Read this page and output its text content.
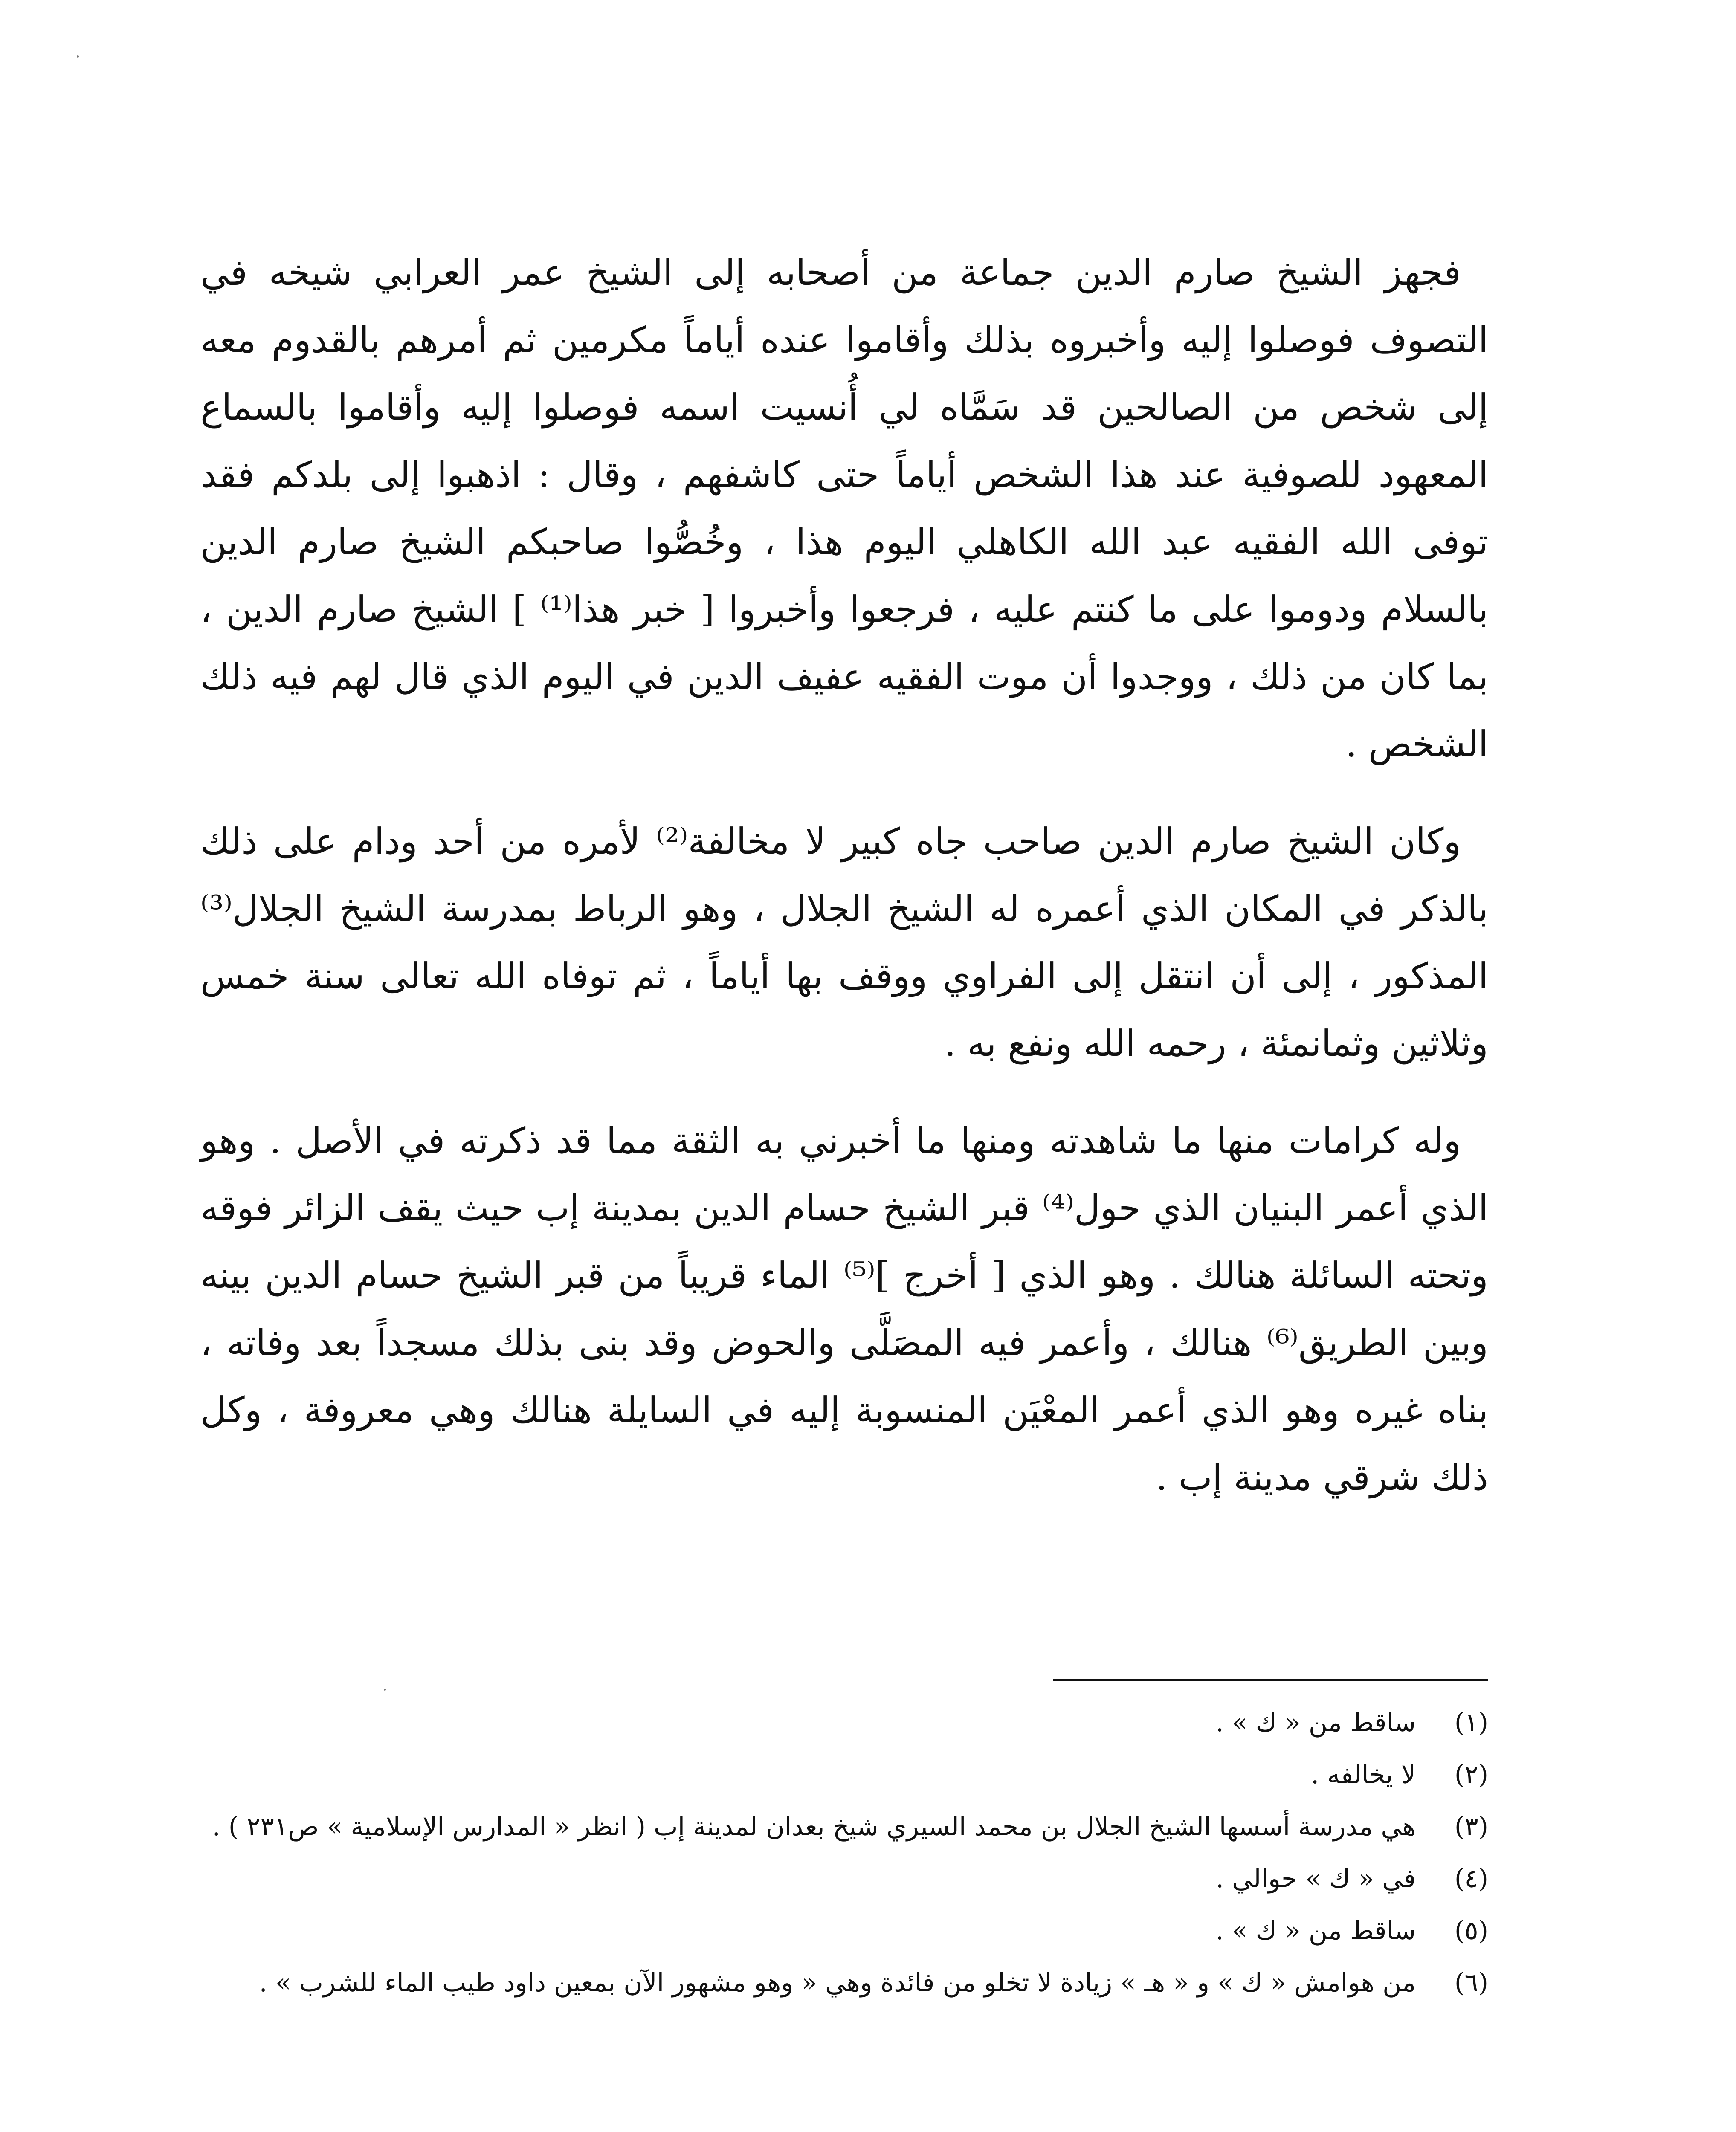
فجهز الشيخ صارم الدين جماعة من أصحابه إلى الشيخ عمر العرابي شيخه في التصوف فوصلوا إليه وأخبروه بذلك وأقاموا عنده أياماً مكرمين ثم أمرهم بالقدوم معه إلى شخص من الصالحين قد سَمَّاه لي أُنسيت اسمه فوصلوا إليه وأقاموا بالسماع المعهود للصوفية عند هذا الشخص أياماً حتى كاشفهم ، وقال : اذهبوا إلى بلدكم فقد توفى الله الفقيه عبد الله الكاهلي اليوم هذا ، وخُصُّوا صاحبكم الشيخ صارم الدين بالسلام ودوموا على ما كنتم عليه ، فرجعوا وأخبروا [ خبر هذا⁽¹⁾ ] الشيخ صارم الدين ، بما كان من ذلك ، ووجدوا أن موت الفقيه عفيف الدين في اليوم الذي قال لهم فيه ذلك الشخص .

وكان الشيخ صارم الدين صاحب جاه كبير لا مخالفة⁽²⁾ لأمره من أحد ودام على ذلك بالذكر في المكان الذي أعمره له الشيخ الجلال ، وهو الرباط بمدرسة الشيخ الجلال⁽³⁾ المذكور ، إلى أن انتقل إلى الفراوي ووقف بها أياماً ، ثم توفاه الله تعالى سنة خمس وثلاثين وثمانمئة ، رحمه الله ونفع به .

وله كرامات منها ما شاهدته ومنها ما أخبرني به الثقة مما قد ذكرته في الأصل . وهو الذي أعمر البنيان الذي حول⁽⁴⁾ قبر الشيخ حسام الدين بمدينة إب حيث يقف الزائر فوقه وتحته السائلة هنالك . وهو الذي [ أخرج ]⁽⁵⁾ الماء قريباً من قبر الشيخ حسام الدين بينه وبين الطريق⁽⁶⁾ هنالك ، وأعمر فيه المصَلَّى والحوض وقد بنى بذلك مسجداً بعد وفاته ، بناه غيره وهو الذي أعمر المعْيَن المنسوبة إليه في السايلة هنالك وهي معروفة ، وكل ذلك شرقي مدينة إب .

(١)
ساقط من « ك » .
(٢)
لا يخالفه .
(٣)
هي مدرسة أسسها الشيخ الجلال بن محمد السيري شيخ بعدان لمدينة إب ( انظر « المدارس الإسلامية » ص٢٣١ ) .
(٤)
في « ك » حوالي .
(٥)
ساقط من « ك » .
(٦)
من هوامش « ك » و « هـ » زيادة لا تخلو من فائدة وهي « وهو مشهور الآن بمعين داود طيب الماء للشرب » .
